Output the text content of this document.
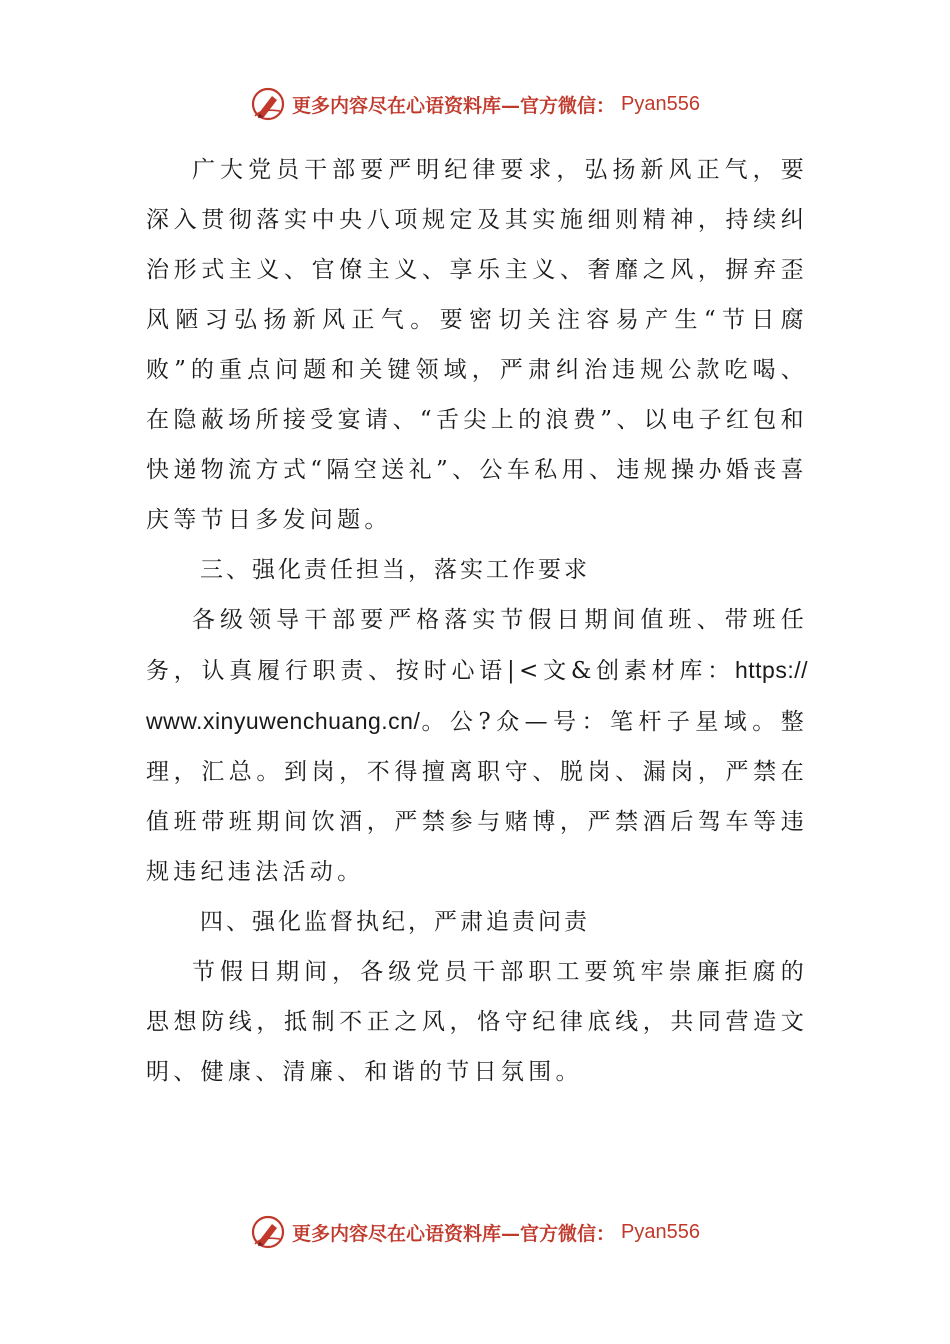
更多内容尽在心语资料库—官方微信： Pyan556

广大党员干部要严明纪律要求，弘扬新风正气，要深入贯彻落实中央八项规定及其实施细则精神，持续纠治形式主义、官僚主义、享乐主义、奢靡之风，摒弃歪风陋习弘扬新风正气。要密切关注容易产生“节日腐败”的重点问题和关键领域，严肃纠治违规公款吃喝、在隐蔽场所接受宴请、“舌尖上的浪费”、以电子红包和快递物流方式“隔空送礼”、公车私用、违规操办婚丧喜庆等节日多发问题。

三、强化责任担当，落实工作要求

各级领导干部要严格落实节假日期间值班、带班任务，认真履行职责、按时心语|<文&创素材库：https://www.xinyuwenchuang.cn/。公?众—号：笔杆子星域。整理，汇总。到岗，不得擅离职守、脱岗、漏岗，严禁在值班带班期间饮酒，严禁参与赌博，严禁酒后驾车等违规违纪违法活动。

四、强化监督执纪，严肃追责问责

节假日期间，各级党员干部职工要筑牢崇廉拒腐的思想防线，抵制不正之风，恪守纪律底线，共同营造文明、健康、清廉、和谐的节日氛围。

更多内容尽在心语资料库—官方微信： Pyan556
